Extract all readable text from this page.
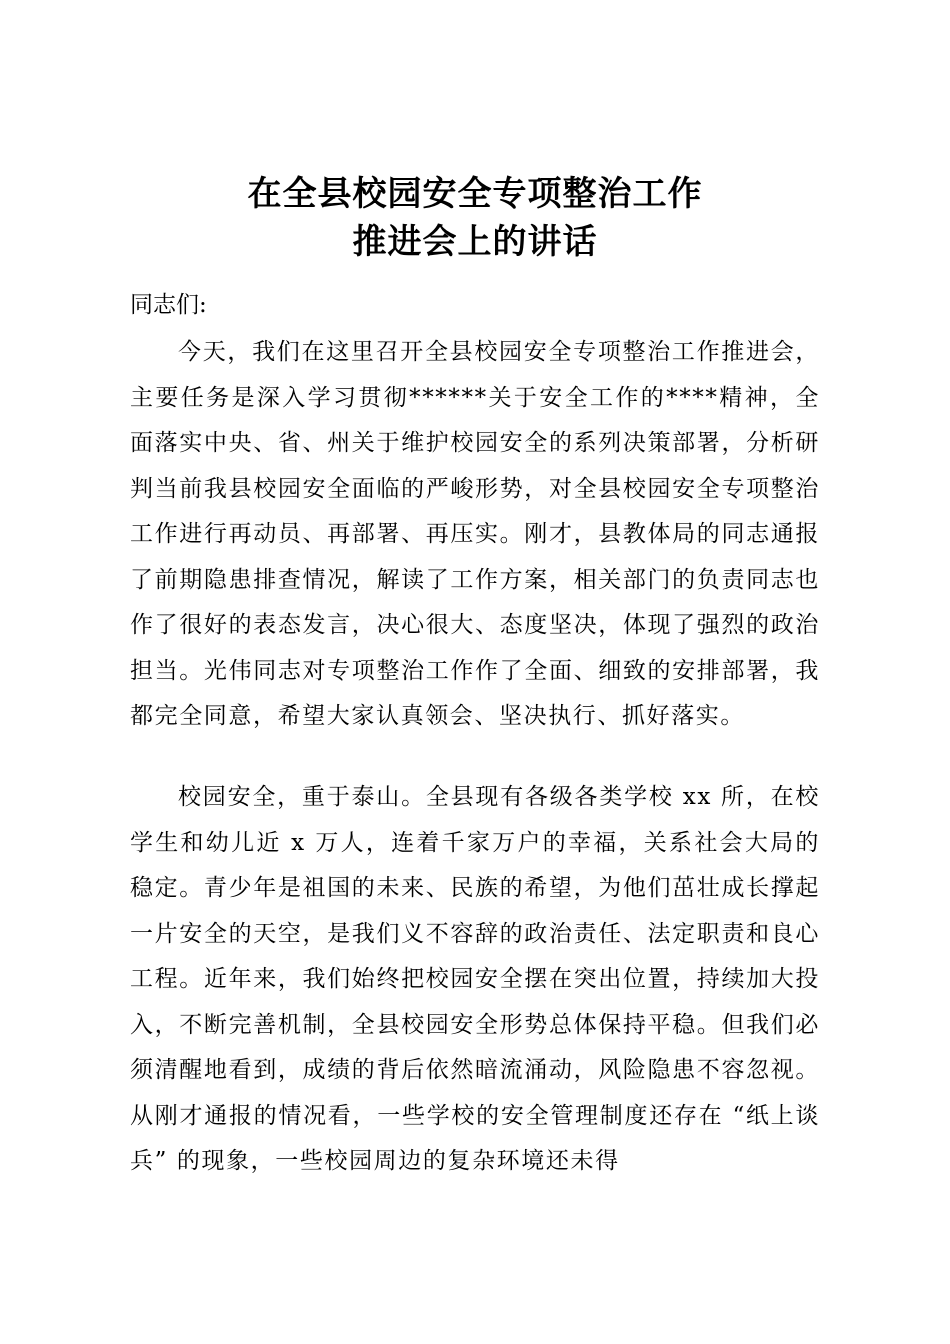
在全县校园安全专项整治工作
推进会上的讲话
同志们:

今天，我们在这里召开全县校园安全专项整治工作推进会，主要任务是深入学习贯彻******关于安全工作的****精神，全面落实中央、省、州关于维护校园安全的系列决策部署，分析研判当前我县校园安全面临的严峻形势，对全县校园安全专项整治工作进行再动员、再部署、再压实。刚才，县教体局的同志通报了前期隐患排查情况，解读了工作方案，相关部门的负责同志也作了很好的表态发言，决心很大、态度坚决，体现了强烈的政治担当。光伟同志对专项整治工作作了全面、细致的安排部署，我都完全同意，希望大家认真领会、坚决执行、抓好落实。

校园安全，重于泰山。全县现有各级各类学校 xx 所，在校学生和幼儿近 x 万人，连着千家万户的幸福，关系社会大局的稳定。青少年是祖国的未来、民族的希望，为他们茁壮成长撑起一片安全的天空，是我们义不容辞的政治责任、法定职责和良心工程。近年来，我们始终把校园安全摆在突出位置，持续加大投入，不断完善机制，全县校园安全形势总体保持平稳。但我们必须清醒地看到，成绩的背后依然暗流涌动，风险隐患不容忽视。从刚才通报的情况看，一些学校的安全管理制度还存在 “纸上谈兵” 的现象，一些校园周边的复杂环境还未得
